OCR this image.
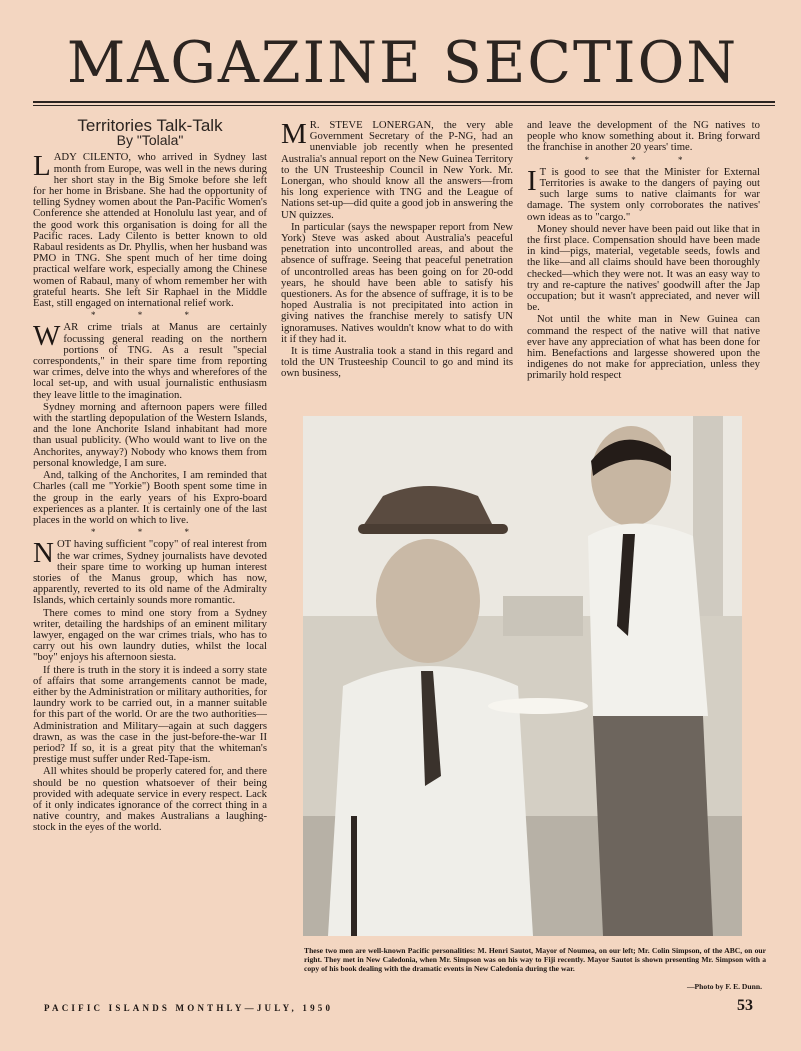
MAGAZINE SECTION
Territories Talk-Talk
By "Tolala"

LADY CILENTO, who arrived in Sydney last month from Europe, was well in the news during her short stay in the Big Smoke before she left for her home in Brisbane. She had the opportunity of telling Sydney women about the Pan-Pacific Women's Conference she attended at Honolulu last year, and of the good work this organisation is doing for all the Pacific races. Lady Cilento is better known to old Rabaul residents as Dr. Phyllis, when her husband was PMO in TNG. She spent much of her time doing practical welfare work, especially among the Chinese women of Rabaul, many of whom remember her with grateful hearts. She left Sir Raphael in the Middle East, still engaged on international relief work.

* * *

WAR crime trials at Manus are certainly focussing general reading on the northern portions of TNG. As a result "special correspondents," in their spare time from reporting war crimes, delve into the whys and wherefores of the local set-up, and with usual journalistic enthusiasm they leave little to the imagination.

Sydney morning and afternoon papers were filled with the startling depopulation of the Western Islands, and the lone Anchorite Island inhabitant had more than usual publicity. (Who would want to live on the Anchorites, anyway?) Nobody who knows them from personal knowledge, I am sure.

And, talking of the Anchorites, I am reminded that Charles (call me "Yorkie") Booth spent some time in the group in the early years of his Expro-board experiences as a planter. It is certainly one of the last places in the world on which to live.

* * *

NOT having sufficient "copy" of real interest from the war crimes, Sydney journalists have devoted their spare time to working up human interest stories of the Manus group, which has now, apparently, reverted to its old name of the Admiralty Islands, which certainly sounds more romantic.

There comes to mind one story from a Sydney writer, detailing the hardships of an eminent military lawyer, engaged on the war crimes trials, who has to carry out his own laundry duties, whilst the local "boy" enjoys his afternoon siesta.

If there is truth in the story it is indeed a sorry state of affairs that some arrangements cannot be made, either by the Administration or military authorities, for laundry work to be carried out, in a manner suitable for this part of the world. Or are the two authorities—Administration and Military—again at such daggers drawn, as was the case in the just-before-the-war II period? If so, it is a great pity that the whiteman's prestige must suffer under Red-Tape-ism.

All whites should be properly catered for, and there should be no question whatsoever of their being provided with adequate service in every respect. Lack of it only indicates ignorance of the correct thing in a native country, and makes Australians a laughing-stock in the eyes of the world.

M R. STEVE LONERGAN, the very able Government Secretary of the P-NG, had an unenviable job recently when he presented Australia's annual report on the New Guinea Territory to the UN Trusteeship Council in New York. Mr. Lonergan, who should know all the answers—from his long experience with TNG and the League of Nations set-up—did quite a good job in answering the UN quizzes.

In particular (says the newspaper report from New York) Steve was asked about Australia's peaceful penetration into uncontrolled areas, and about the absence of suffrage. Seeing that peaceful penetration of uncontrolled areas has been going on for 20-odd years, he should have been able to satisfy his questioners. As for the absence of suffrage, it is to be hoped Australia is not precipitated into action in giving natives the franchise merely to satisfy UN ignoramuses. Natives wouldn't know what to do with it if they had it.

It is time Australia took a stand in this regard and told the UN Trusteeship Council to go and mind its own business,

and leave the development of the NG natives to people who know something about it. Bring forward the franchise in another 20 years' time.

* * *

I T is good to see that the Minister for External Territories is awake to the dangers of paying out such large sums to native claimants for war damage. The system only corroborates the natives' own ideas as to "cargo."

Money should never have been paid out like that in the first place. Compensation should have been made in kind—pigs, material, vegetable seeds, fowls and the like—and all claims should have been thoroughly checked—which they were not. It was an easy way to try and re-capture the natives' goodwill after the Jap occupation; but it wasn't appreciated, and never will be.

Not until the white man in New Guinea can command the respect of the native will that native ever have any appreciation of what has been done for him. Benefactions and largesse showered upon the indigenes do not make for appreciation, unless they primarily hold respect

These two men are well-known Pacific personalities: M. Henri Sautot, Mayor of Noumea, on our left; Mr. Colin Simpson, of the ABC, on our right. They met in New Caledonia, when Mr. Simpson was on his way to Fiji recently. Mayor Sautot is shown presenting Mr. Simpson with a copy of his book dealing with the dramatic events in New Caledonia during the war.
—Photo by F. E. Dunn.
PACIFIC ISLANDS MONTHLY—JULY, 1950	53
